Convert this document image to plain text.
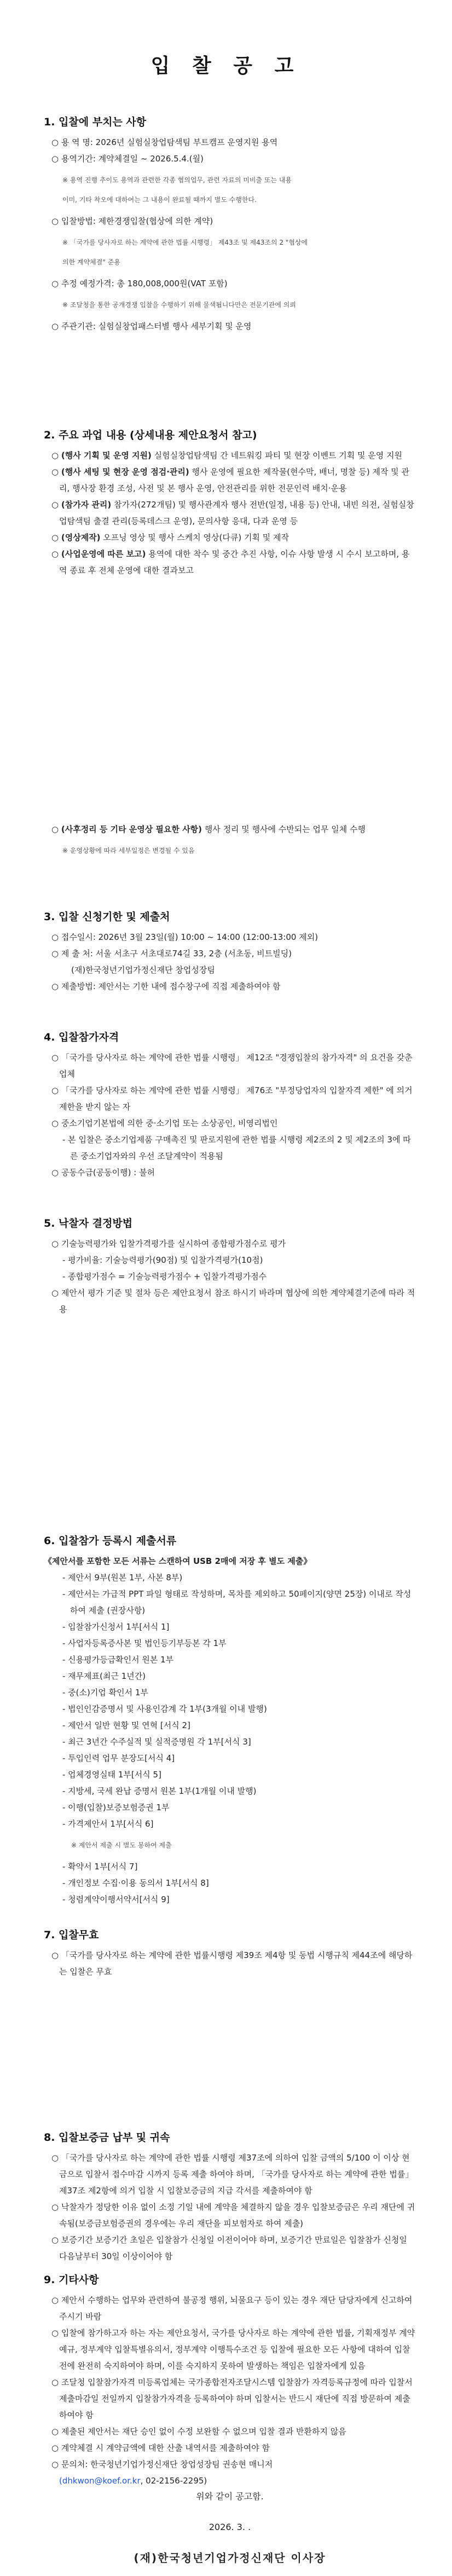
입 찰 공 고

1. 입찰에 부치는 사항

○ 용 역 명: 2026년 실험실창업탐색팀 부트캠프 운영지원 용역

○ 용역기간: 계약체결일 ~ 2026.5.4.(월)

※ 용역 진행 추이도 용역과 관련한 각종 협의업무, 관련 자료의 미비출 또는 내용

이미, 기타 착오에 대하여는 그 내용이 완료될 때까지 별도 수행한다.

○ 입찰방법: 제한경쟁입찰(협상에 의한 계약)

※ 「국가를 당사자로 하는 계약에 관한 법률 시행령」 제43조 및 제43조의 2 "협상에

의한 계약체결" 준용

○ 추정 예정가격: 총 180,008,000원(VAT 포함)

※ 조달청을 통한 공개경쟁 입찰을 수행하기 위해 물색됩니다만은 전문기관에 의뢰

○ 주관기관: 실험실창업패스터별 행사 세부기획 및 운영

2. 주요 과업 내용 (상세내용 제안요청서 참고)

○ (행사 기획 및 운영 지원) 실험실창업탐색팀 간 네트워킹 파티 및 현장 이벤트 기획 및 운영 지원

○ (행사 세팅 및 현장 운영 점검·관리) 행사 운영에 필요한 제작물(현수막, 배너, 명찰 등) 제작 및 관리, 행사장 환경 조성, 사전 및 본 행사 운영, 안전관리를 위한 전문인력 배치·운용

○ (참가자 관리) 참가자(272개팀) 및 행사관계자 행사 전반(일정, 내용 등) 안내, 내빈 의전, 실험실창업탐색팀 출결 관리(등록데스크 운영), 문의사항 응대, 다과 운영 등

○ (영상제작) 오프닝 영상 및 행사 스케치 영상(다큐) 기획 및 제작

○ (사업운영에 따른 보고) 용역에 대한 착수 및 중간 추진 사항, 이슈 사항 발생 시 수시 보고하며, 용역 종료 후 전체 운영에 대한 결과보고

○ (사후정리 등 기타 운영상 필요한 사항) 행사 정리 및 행사에 수반되는 업무 일체 수행

※ 운영상황에 따라 세부일정은 변경될 수 있음

3. 입찰 신청기한 및 제출처

○ 접수일시: 2026년 3월 23일(월) 10:00 ~ 14:00 (12:00-13:00 제외)

○ 제 출 처: 서울 서초구 서초대로74길 33, 2층 (서초동, 비트빌딩)

(재)한국청년기업가정신재단 창업성장팀

○ 제출방법: 제안서는 기한 내에 접수창구에 직접 제출하여야 함

4. 입찰참가자격

○ 「국가를 당사자로 하는 계약에 관한 법률 시행령」 제12조 "경쟁입찰의 참가자격" 의 요건을 갖춘 업체

○ 「국가를 당사자로 하는 계약에 관한 법률 시행령」 제76조 "부정당업자의 입찰자격 제한" 에 의거 제한을 받지 않는 자

○ 중소기업기본법에 의한 중·소기업 또는 소상공인, 비영리법인

- 본 입찰은 중소기업제품 구매촉진 및 판로지원에 관한 법률 시행령 제2조의 2 및 제2조의 3에 따른 중소기업자와의 우선 조달계약이 적용됨

○ 공동수급(공동이행) : 불허

5. 낙찰자 결정방법

○ 기술능력평가와 입찰가격평가를 실시하여 종합평가점수로 평가

- 평가비율: 기술능력평가(90점) 및 입찰가격평가(10점)

- 종합평가점수 = 기술능력평가점수 + 입찰가격평가점수

○ 제안서 평가 기준 및 절차 등은 제안요청서 참조 하시기 바라며 협상에 의한 계약체결기준에 따라 적용

6. 입찰참가 등록시 제출서류

《제안서를 포함한 모든 서류는 스캔하여 USB 2매에 저장 후 별도 제출》

- 제안서 9부(원본 1부, 사본 8부)

- 제안서는 가급적 PPT 파일 형태로 작성하며, 목차를 제외하고 50페이지(양면 25장) 이내로 작성하여 제출 (권장사항)

- 입찰참가신청서 1부[서식 1]

- 사업자등록증사본 및 법인등기부등본 각 1부

- 신용평가등급확인서 원본 1부

- 재무제표(최근 1년간)

- 중(소)기업 확인서 1부

- 법인인감증명서 및 사용인감계 각 1부(3개월 이내 발행)

- 제안서 일반 현황 및 연혁 [서식 2]

- 최근 3년간 수주실적 및 실적증명원 각 1부[서식 3]

- 투입인력 업무 분장도[서식 4]

- 업체경영실태 1부[서식 5]

- 지방세, 국세 완납 증명서 원본 1부(1개월 이내 발행)

- 이행(입찰)보증보험증권 1부

- 가격제안서 1부[서식 6]

※ 제안서 제출 시 별도 봉하여 제출

- 확약서 1부[서식 7]

- 개인정보 수집·이용 동의서 1부[서식 8]

- 청렴계약이행서약서[서식 9]

7. 입찰무효

○ 「국가를 당사자로 하는 계약에 관한 법률시행령 제39조 제4항 및 동법 시행규칙 제44조에 해당하는 입찰은 무효

8. 입찰보증금 납부 및 귀속

○ 「국가를 당사자로 하는 계약에 관한 법률 시행령 제37조에 의하여 입찰 금액의 5/100 이 이상 현금으로 입찰서 접수마감 시까지 등록 제출 하여야 하며, 「국가를 당사자로 하는 계약에 관한 법률」 제37조 제2항에 의거 입찰 시 입찰보증금의 지급 각서를 제출하여야 함

○ 낙찰자가 정당한 이유 없이 소정 기일 내에 계약을 체결하지 않을 경우 입찰보증금은 우리 재단에 귀속됨(보증금보험증권의 경우에는 우리 재단을 피보험자로 하여 제출)

○ 보증기간 보증기간 초일은 입찰참가 신청일 이전이어야 하며, 보증기간 만료일은 입찰참가 신청일 다음날부터 30일 이상이어야 함

9. 기타사항

○ 제안서 수행하는 업무와 관련하여 불공정 행위, 뇌물요구 등이 있는 경우 재단 담당자에게 신고하여 주시기 바람

○ 입찰에 참가하고자 하는 자는 제안요청서, 국가를 당사자로 하는 계약에 관한 법률, 기획재정부 계약예규, 정부계약 입찰특별유의서, 정부계약 이행특수조건 등 입찰에 필요한 모든 사항에 대하여 입찰 전에 완전히 숙지하여야 하며, 이를 숙지하지 못하여 발생하는 책임은 입찰자에게 있음

○ 조달청 입찰참가자격 미등록업체는 국가종합전자조달시스템 입찰참가 자격등록규정에 따라 입찰서 제출마감일 전일까지 입찰참가자격을 등록하여야 하며 입찰서는 반드시 재단에 직접 방문하여 제출하여야 함

○ 제출된 제안서는 재단 승인 없이 수정 보완할 수 없으며 입찰 결과 반환하지 않음

○ 계약체결 시 계약금액에 대한 산출 내역서를 제출하여야 함

○ 문의처: 한국청년기업가정신재단 창업성장팀 권송현 매니저
(dhkwon@koef.or.kr, 02-2156-2295)

위와 같이 공고함.

2026. 3. .

(재)한국청년기업가정신재단 이사장
